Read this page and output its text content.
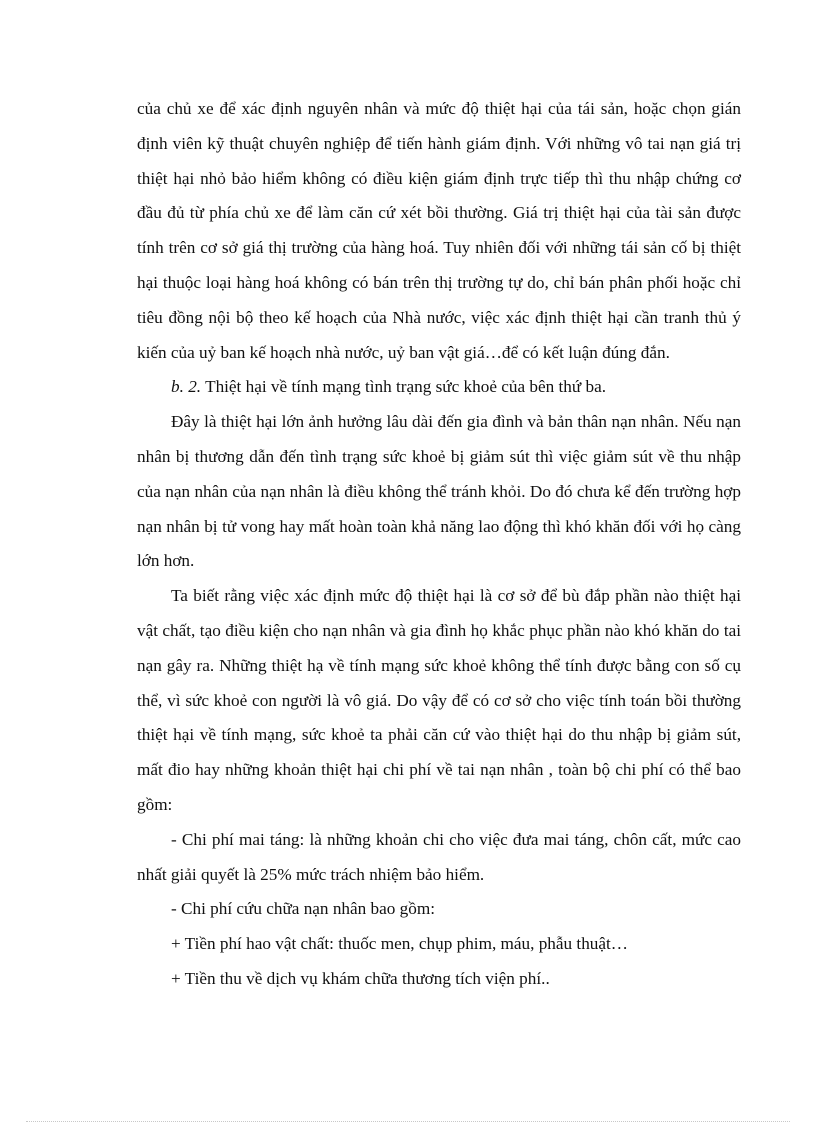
của chủ xe để xác định nguyên nhân và mức độ thiệt hại của tái sản, hoặc chọn gián định viên kỹ thuật chuyên nghiệp để tiến hành giám định. Với những vô tai nạn giá trị thiệt hại nhỏ bảo hiểm không có điều kiện giám định trực tiếp thì thu nhập chứng cơ đầu đủ từ phía chủ xe để làm căn cứ xét bồi thường. Giá trị thiệt hại của tài sản được tính trên cơ sở giá thị trường của hàng hoá. Tuy nhiên đối với những tái sản cố bị thiệt hại thuộc loại hàng hoá không có bán trên thị trường tự do, chỉ bán phân phối hoặc chỉ tiêu đồng nội bộ theo kế hoạch của Nhà nước, việc xác định thiệt hại cần tranh thủ ý kiến của uỷ ban kế hoạch nhà nước, uỷ ban vật giá…để có kết luận đúng đắn.

b. 2. Thiệt hại về tính mạng tình trạng sức khoẻ của bên thứ ba.

Đây là thiệt hại lớn ảnh hưởng lâu dài đến gia đình và bản thân nạn nhân. Nếu nạn nhân bị thương dẫn đến tình trạng sức khoẻ bị giảm sút thì việc giảm sút về thu nhập của nạn nhân của nạn nhân là điều không thể tránh khỏi. Do đó chưa kể đến trường hợp nạn nhân bị tử vong hay mất hoàn toàn khả năng lao động thì khó khăn đối với họ càng lớn hơn.

Ta biết rằng việc xác định mức độ thiệt hại là cơ sở để bù đắp phần nào thiệt hại vật chất, tạo điều kiện cho nạn nhân và gia đình họ khắc phục phần nào khó khăn do tai nạn gây ra. Những thiệt hạ về tính mạng sức khoẻ không thể tính được bằng con số cụ thể, vì sức khoẻ con người là vô giá. Do vậy để có cơ sở cho việc tính toán bồi thường thiệt hại về tính mạng, sức khoẻ ta phải căn cứ vào thiệt hại do thu nhập bị giảm sút, mất đio hay những khoản thiệt hại chi phí về tai nạn nhân , toàn bộ chi phí có thể bao gồm:

- Chi phí mai táng: là những khoản chi cho việc đưa mai táng, chôn cất, mức cao nhất giải quyết là 25% mức trách nhiệm bảo hiểm.

- Chi phí cứu chữa nạn nhân bao gồm:

+ Tiền phí hao vật chất: thuốc men, chụp phim, máu, phẫu thuật…

+ Tiền thu về dịch vụ khám chữa thương tích viện phí..
